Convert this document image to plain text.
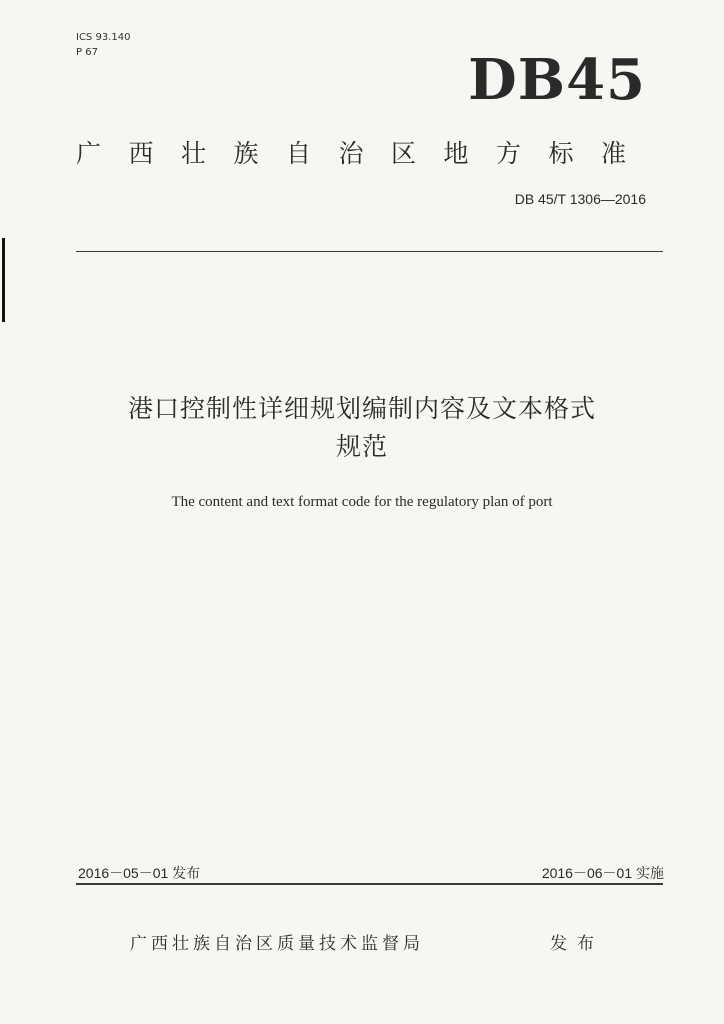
ICS 93.140
P 67	DB45
广西壮族自治区地方标准
DB 45/T 1306—2016
港口控制性详细规划编制内容及文本格式
规范
The content and text format code for the regulatory plan of port
2016－05－01 发布	2016－06－01 实施
广西壮族自治区质量技术监督局	发布
